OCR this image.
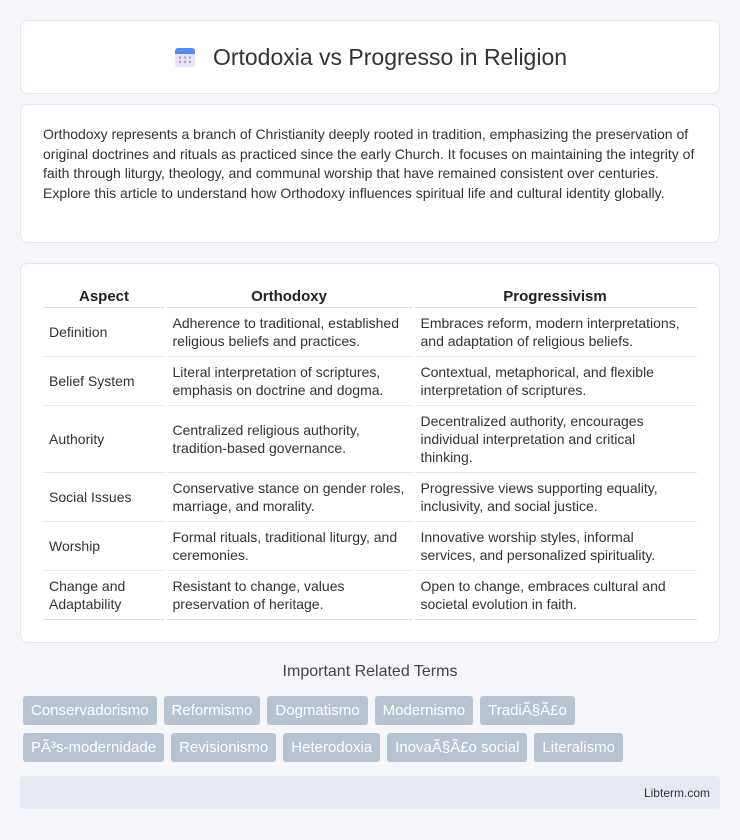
Ortodoxia vs Progresso in Religion

Orthodoxy represents a branch of Christianity deeply rooted in tradition, emphasizing the preservation of original doctrines and rituals as practiced since the early Church. It focuses on maintaining the integrity of faith through liturgy, theology, and communal worship that have remained consistent over centuries. Explore this article to understand how Orthodoxy influences spiritual life and cultural identity globally.

Aspect	Orthodoxy	Progressivism
Definition	Adherence to traditional, established religious beliefs and practices.	Embraces reform, modern interpretations, and adaptation of religious beliefs.
Belief System	Literal interpretation of scriptures, emphasis on doctrine and dogma.	Contextual, metaphorical, and flexible interpretation of scriptures.
Authority	Centralized religious authority, tradition-based governance.	Decentralized authority, encourages individual interpretation and critical thinking.
Social Issues	Conservative stance on gender roles, marriage, and morality.	Progressive views supporting equality, inclusivity, and social justice.
Worship	Formal rituals, traditional liturgy, and ceremonies.	Innovative worship styles, informal services, and personalized spirituality.
Change and Adaptability	Resistant to change, values preservation of heritage.	Open to change, embraces cultural and societal evolution in faith.
Important Related Terms
Conservadorismo	Reformismo	Dogmatismo	Modernismo	TradiÃ§Ã£o
PÃ³s-modernidade	Revisionismo	Heterodoxia	InovaÃ§Ã£o social	Literalismo
Libterm.com
